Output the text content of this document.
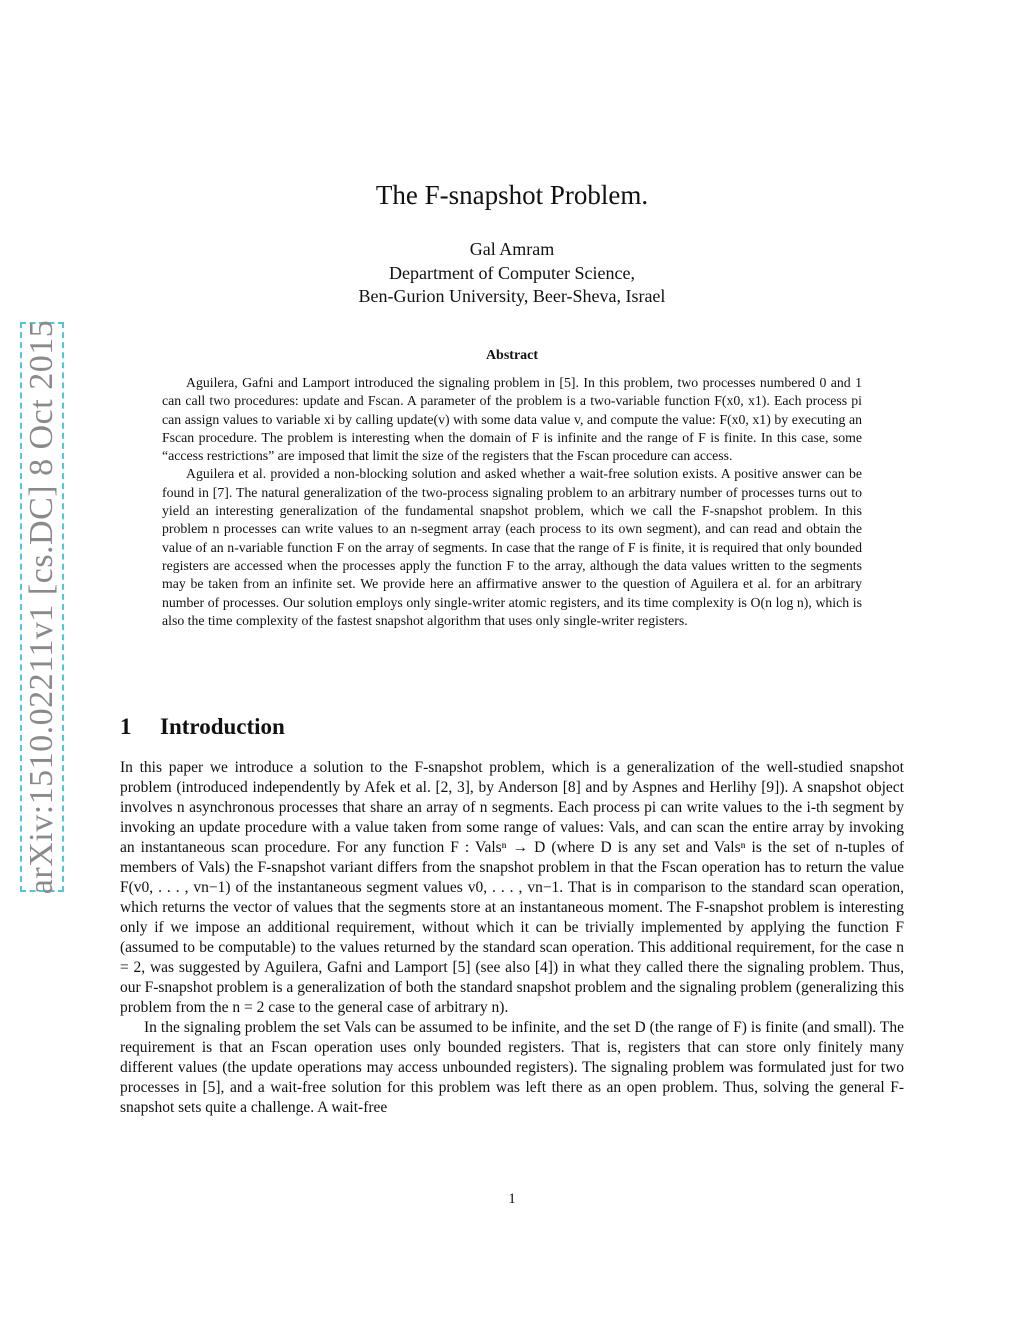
arXiv:1510.02211v1 [cs.DC] 8 Oct 2015
The F-snapshot Problem.
Gal Amram
Department of Computer Science,
Ben-Gurion University, Beer-Sheva, Israel
Abstract

Aguilera, Gafni and Lamport introduced the signaling problem in [5]. In this problem, two processes numbered 0 and 1 can call two procedures: update and Fscan. A parameter of the problem is a two-variable function F(x0, x1). Each process pi can assign values to variable xi by calling update(v) with some data value v, and compute the value: F(x0, x1) by executing an Fscan procedure. The problem is interesting when the domain of F is infinite and the range of F is finite. In this case, some “access restrictions” are imposed that limit the size of the registers that the Fscan procedure can access.

Aguilera et al. provided a non-blocking solution and asked whether a wait-free solution exists. A positive answer can be found in [7]. The natural generalization of the two-process signaling problem to an arbitrary number of processes turns out to yield an interesting generalization of the fundamental snapshot problem, which we call the F-snapshot problem. In this problem n processes can write values to an n-segment array (each process to its own segment), and can read and obtain the value of an n-variable function F on the array of segments. In case that the range of F is finite, it is required that only bounded registers are accessed when the processes apply the function F to the array, although the data values written to the segments may be taken from an infinite set. We provide here an affirmative answer to the question of Aguilera et al. for an arbitrary number of processes. Our solution employs only single-writer atomic registers, and its time complexity is O(n log n), which is also the time complexity of the fastest snapshot algorithm that uses only single-writer registers.

1 Introduction

In this paper we introduce a solution to the F-snapshot problem, which is a generalization of the well-studied snapshot problem (introduced independently by Afek et al. [2, 3], by Anderson [8] and by Aspnes and Herlihy [9]). A snapshot object involves n asynchronous processes that share an array of n segments. Each process pi can write values to the i-th segment by invoking an update procedure with a value taken from some range of values: Vals, and can scan the entire array by invoking an instantaneous scan procedure. For any function F : Valsⁿ → D (where D is any set and Valsⁿ is the set of n-tuples of members of Vals) the F-snapshot variant differs from the snapshot problem in that the Fscan operation has to return the value F(v0, . . . , vn−1) of the instantaneous segment values v0, . . . , vn−1. That is in comparison to the standard scan operation, which returns the vector of values that the segments store at an instantaneous moment. The F-snapshot problem is interesting only if we impose an additional requirement, without which it can be trivially implemented by applying the function F (assumed to be computable) to the values returned by the standard scan operation. This additional requirement, for the case n = 2, was suggested by Aguilera, Gafni and Lamport [5] (see also [4]) in what they called there the signaling problem. Thus, our F-snapshot problem is a generalization of both the standard snapshot problem and the signaling problem (generalizing this problem from the n = 2 case to the general case of arbitrary n).

In the signaling problem the set Vals can be assumed to be infinite, and the set D (the range of F) is finite (and small). The requirement is that an Fscan operation uses only bounded registers. That is, registers that can store only finitely many different values (the update operations may access unbounded registers). The signaling problem was formulated just for two processes in [5], and a wait-free solution for this problem was left there as an open problem. Thus, solving the general F-snapshot sets quite a challenge. A wait-free

1
